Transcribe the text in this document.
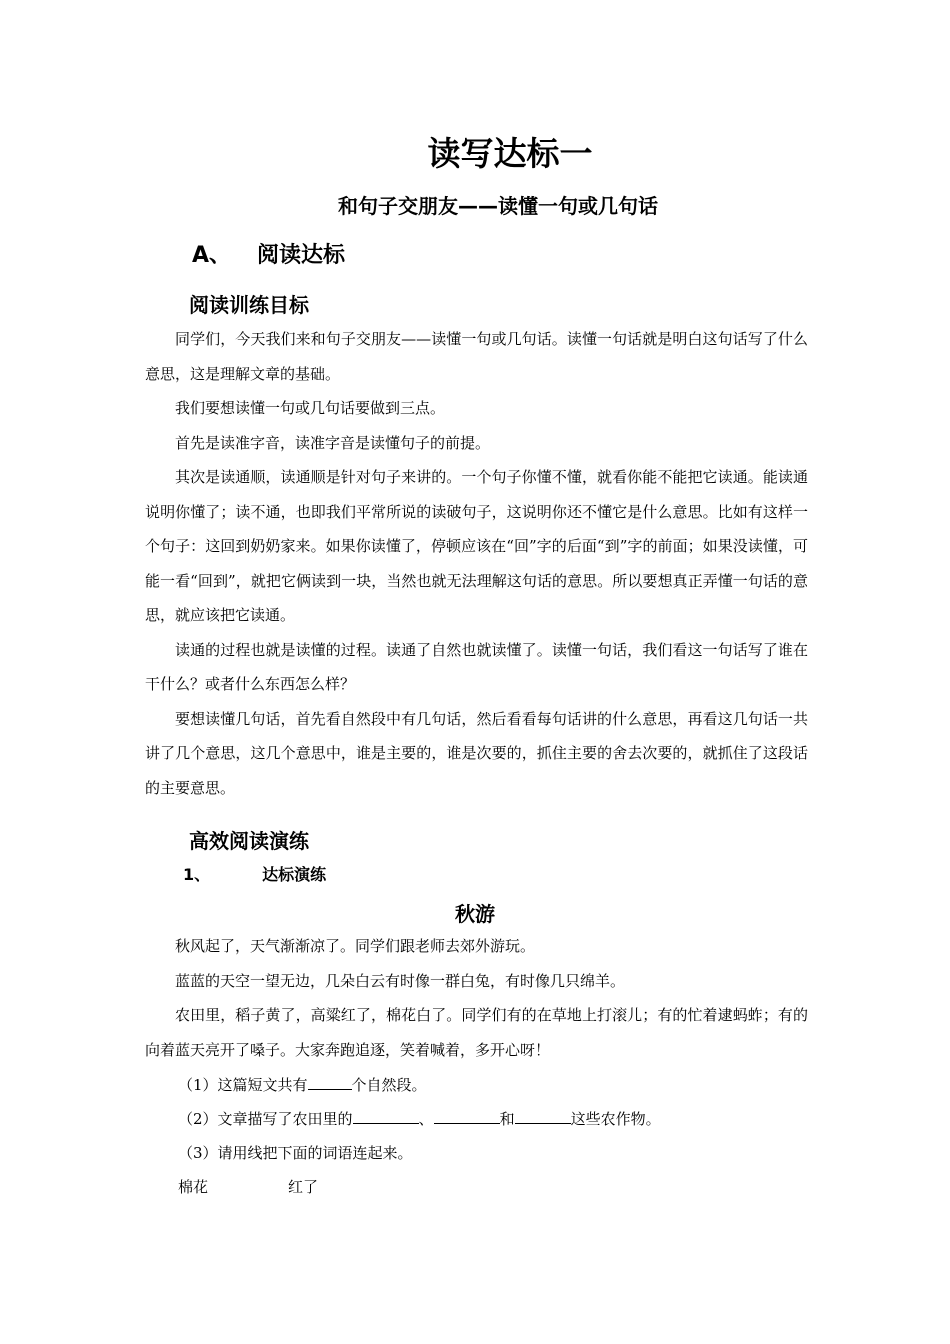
读写达标一
和句子交朋友——读懂一句或几句话
A、 阅读达标
阅读训练目标

同学们，今天我们来和句子交朋友——读懂一句或几句话。读懂一句话就是明白这句话写了什么意思，这是理解文章的基础。

我们要想读懂一句或几句话要做到三点。

首先是读准字音，读准字音是读懂句子的前提。

其次是读通顺，读通顺是针对句子来讲的。一个句子你懂不懂，就看你能不能把它读通。能读通说明你懂了；读不通，也即我们平常所说的读破句子，这说明你还不懂它是什么意思。比如有这样一个句子：这回到奶奶家来。如果你读懂了，停顿应该在“回”字的后面“到”字的前面；如果没读懂，可能一看“回到”，就把它俩读到一块，当然也就无法理解这句话的意思。所以要想真正弄懂一句话的意思，就应该把它读通。

读通的过程也就是读懂的过程。读通了自然也就读懂了。读懂一句话，我们看这一句话写了谁在干什么？或者什么东西怎么样？

要想读懂几句话，首先看自然段中有几句话，然后看看每句话讲的什么意思，再看这几句话一共讲了几个意思，这几个意思中，谁是主要的，谁是次要的，抓住主要的舍去次要的，就抓住了这段话的主要意思。

高效阅读演练
1、	达标演练
秋游

秋风起了，天气渐渐凉了。同学们跟老师去郊外游玩。

蓝蓝的天空一望无边，几朵白云有时像一群白兔，有时像几只绵羊。

农田里，稻子黄了，高粱红了，棉花白了。同学们有的在草地上打滚儿；有的忙着逮蚂蚱；有的向着蓝天亮开了嗓子。大家奔跑追逐，笑着喊着，多开心呀！

（1）这篇短文共有	个自然段。
（2）文章描写了农田里的	、	和	这些农作物。
（3）请用线把下面的词语连起来。
棉花	红了
